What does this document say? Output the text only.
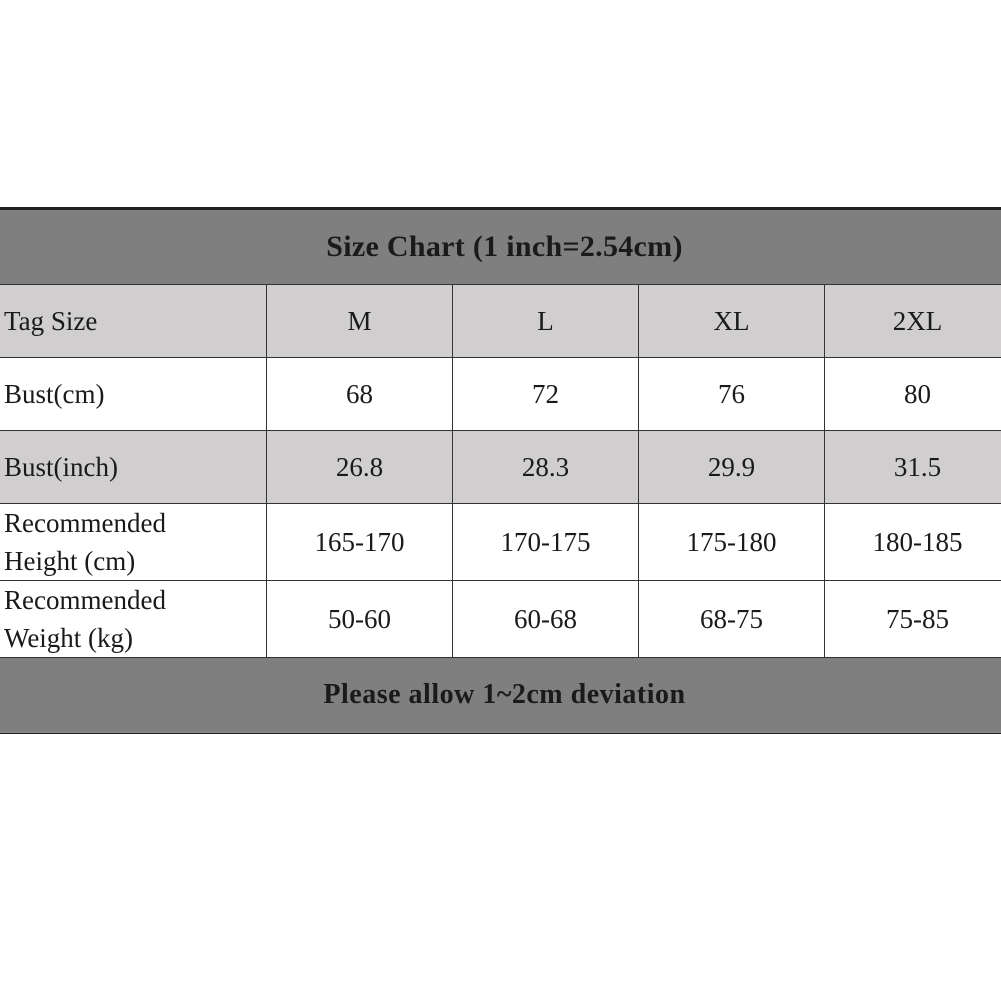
Size Chart (1 inch=2.54cm)				
Tag Size	M	L	XL	2XL
Bust(cm)	68	72	76	80
Bust(inch)	26.8	28.3	29.9	31.5
Recommended
Height (cm)	165-170	170-175	175-180	180-185
Recommended
Weight (kg)	50-60	60-68	68-75	75-85
Please allow 1~2cm deviation				
